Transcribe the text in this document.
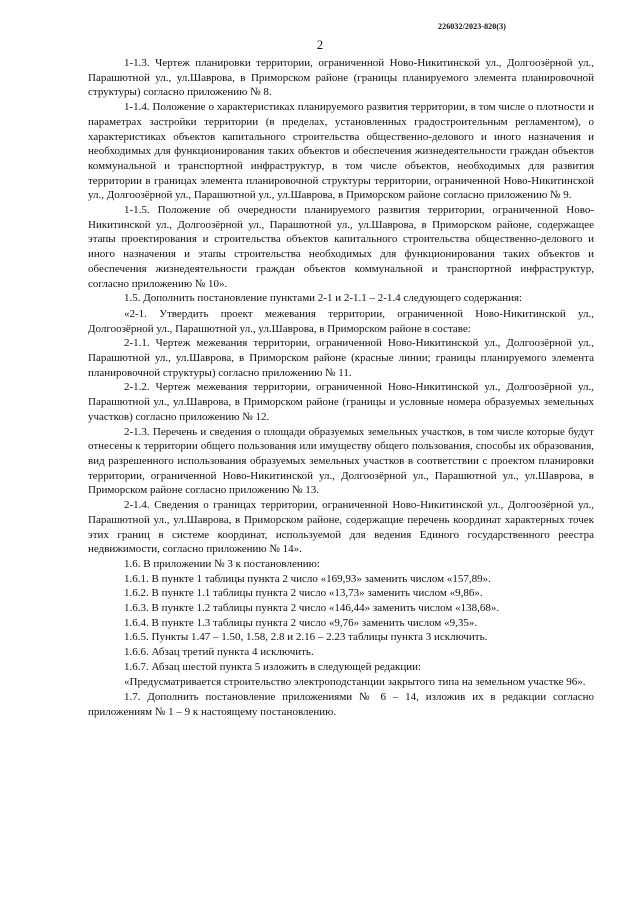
226032/2023-820(3)
2

1-1.3. Чертеж планировки территории, ограниченной Ново-Никитинской ул., Долгоозёрной ул., Парашютной ул., ул.Шаврова, в Приморском районе (границы планируемого элемента планировочной структуры) согласно приложению № 8.

1-1.4. Положение о характеристиках планируемого развития территории, в том числе о плотности и параметрах застройки территории (в пределах, установленных градостроительным регламентом), о характеристиках объектов капитального строительства общественно-делового и иного назначения и необходимых для функционирования таких объектов и обеспечения жизнедеятельности граждан объектов коммунальной и транспортной инфраструктур, в том числе объектов, необходимых для развития территории в границах элемента планировочной структуры территории, ограниченной Ново-Никитинской ул., Долгоозёрной ул., Парашютной ул., ул.Шаврова, в Приморском районе согласно приложению № 9.

1-1.5. Положение об очередности планируемого развития территории, ограниченной Ново-Никитинской ул., Долгоозёрной ул., Парашютной ул., ул.Шаврова, в Приморском районе, содержащее этапы проектирования и строительства объектов капитального строительства общественно-делового и иного назначения и этапы строительства необходимых для функционирования таких объектов и обеспечения жизнедеятельности граждан объектов коммунальной и транспортной инфраструктур, согласно приложению № 10».

1.5. Дополнить постановление пунктами 2-1 и 2-1.1 – 2-1.4 следующего содержания:

«2-1. Утвердить проект межевания территории, ограниченной Ново-Никитинской ул., Долгоозёрной ул., Парашютной ул., ул.Шаврова, в Приморском районе в составе:

2-1.1. Чертеж межевания территории, ограниченной Ново-Никитинской ул., Долгоозёрной ул., Парашютной ул., ул.Шаврова, в Приморском районе (красные линии; границы планируемого элемента планировочной структуры) согласно приложению № 11.

2-1.2. Чертеж межевания территории, ограниченной Ново-Никитинской ул., Долгоозёрной ул., Парашютной ул., ул.Шаврова, в Приморском районе (границы и условные номера образуемых земельных участков) согласно приложению № 12.

2-1.3. Перечень и сведения о площади образуемых земельных участков, в том числе которые будут отнесены к территории общего пользования или имуществу общего пользования, способы их образования, вид разрешенного использования образуемых земельных участков в соответствии с проектом планировки территории, ограниченной Ново-Никитинской ул., Долгоозёрной ул., Парашютной ул., ул.Шаврова, в Приморском районе согласно приложению № 13.

2-1.4. Сведения о границах территории, ограниченной Ново-Никитинской ул., Долгоозёрной ул., Парашютной ул., ул.Шаврова, в Приморском районе, содержащие перечень координат характерных точек этих границ в системе координат, используемой для ведения Единого государственного реестра недвижимости, согласно приложению № 14».

1.6. В приложении № 3 к постановлению:

1.6.1. В пункте 1 таблицы пункта 2 число «169,93» заменить числом «157,89».

1.6.2. В пункте 1.1 таблицы пункта 2 число «13,73» заменить числом «9,86».

1.6.3. В пункте 1.2 таблицы пункта 2 число «146,44» заменить числом «138,68».

1.6.4. В пункте 1.3 таблицы пункта 2 число «9,76» заменить числом «9,35».

1.6.5. Пункты 1.47 – 1.50, 1.58, 2.8 и 2.16 – 2.23 таблицы пункта 3 исключить.

1.6.6. Абзац третий пункта 4 исключить.

1.6.7. Абзац шестой пункта 5 изложить в следующей редакции:

«Предусматривается строительство электроподстанции закрытого типа на земельном участке 96».

1.7. Дополнить постановление приложениями № 6 – 14, изложив их в редакции согласно приложениям № 1 – 9 к настоящему постановлению.
